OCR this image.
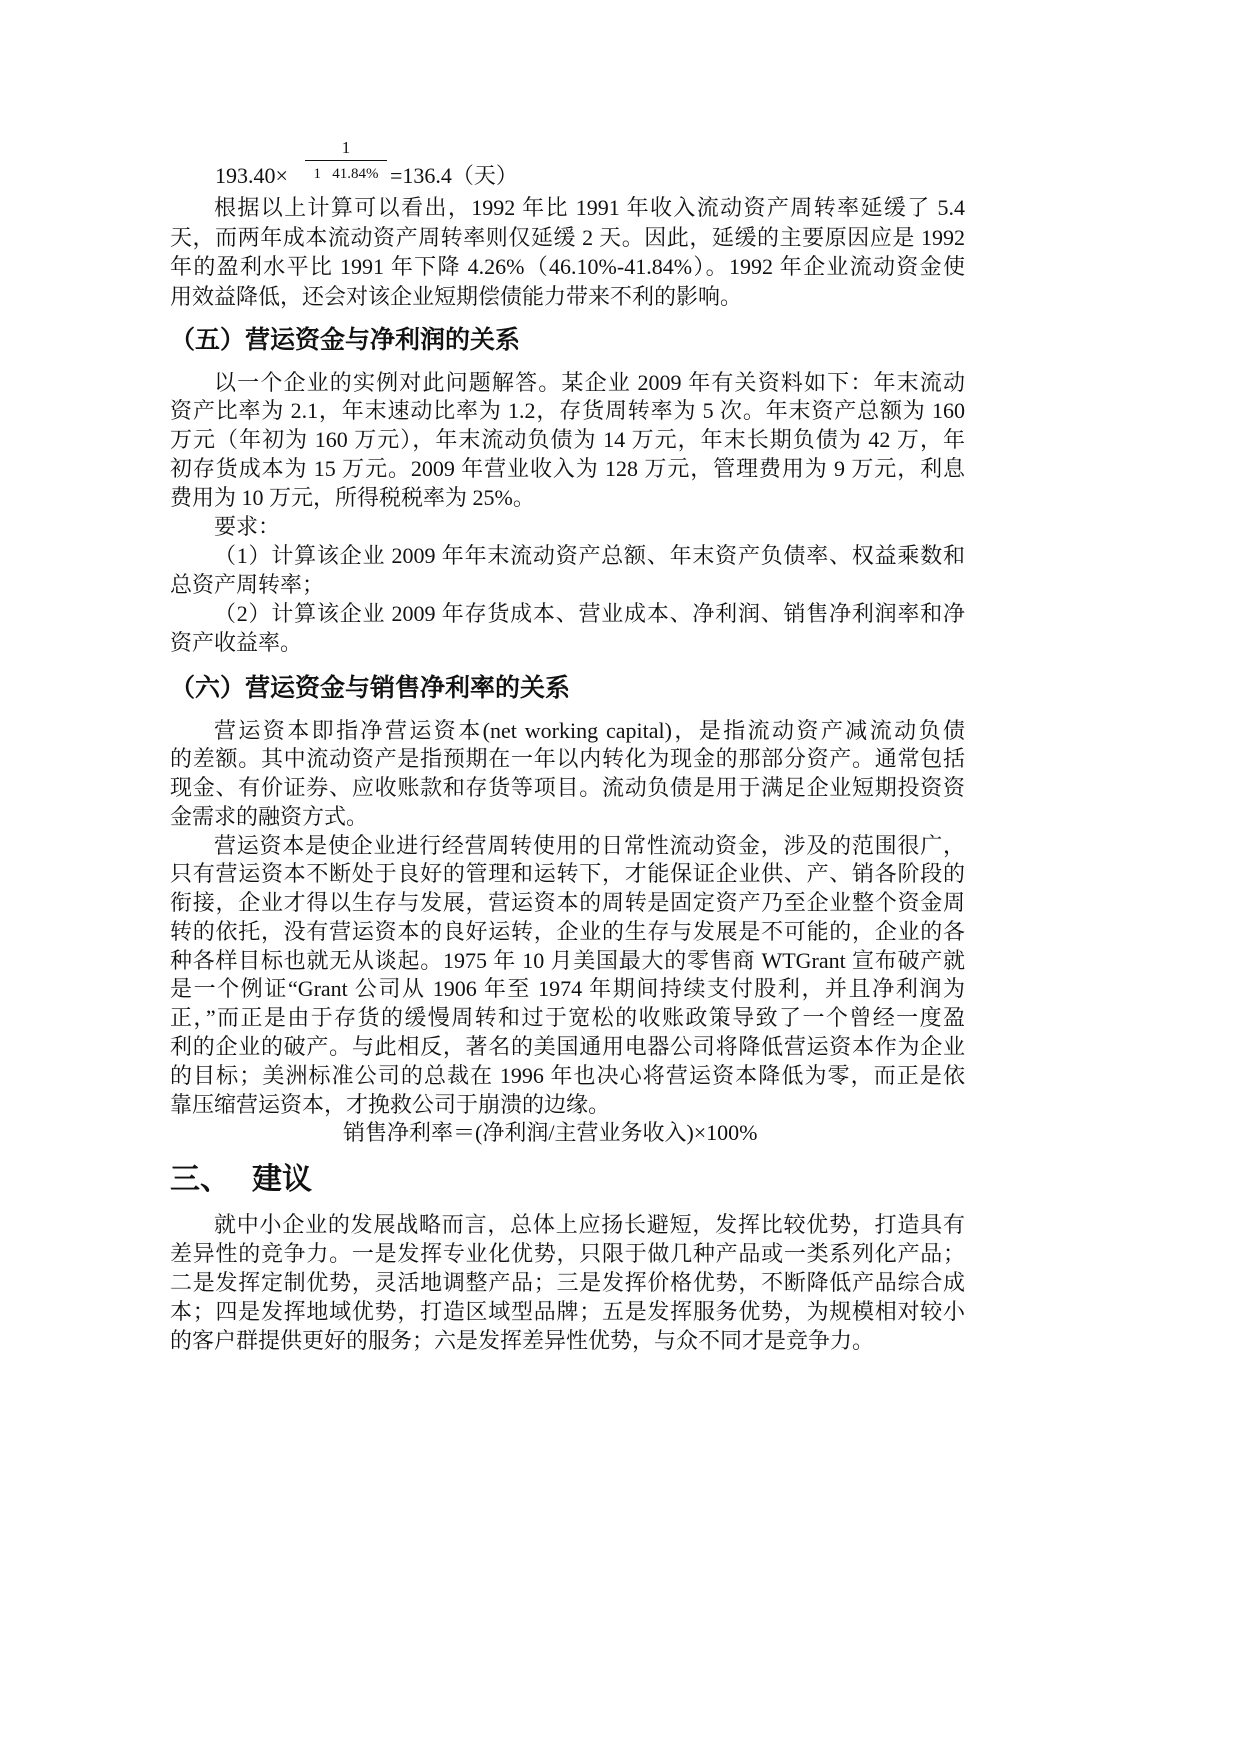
193.40×
1
1   41.84% =136.4（天）
根据以上计算可以看出，1992 年比 1991 年收入流动资产周转率延缓了 5.4
天，而两年成本流动资产周转率则仅延缓 2 天。因此，延缓的主要原因应是 1992
年的盈利水平比 1991 年下降 4.26%（46.10%-41.84%）。1992 年企业流动资金使
用效益降低，还会对该企业短期偿债能力带来不利的影响。
（五）营运资金与净利润的关系
以一个企业的实例对此问题解答。某企业 2009 年有关资料如下：年末流动
资产比率为 2.1，年末速动比率为 1.2，存货周转率为 5 次。年末资产总额为 160
万元（年初为 160 万元），年末流动负债为 14 万元，年末长期负债为 42 万，年
初存货成本为 15 万元。2009 年营业收入为 128 万元，管理费用为 9 万元，利息
费用为 10 万元，所得税税率为 25%。
要求：
（1）计算该企业 2009 年年末流动资产总额、年末资产负债率、权益乘数和
总资产周转率；
（2）计算该企业 2009 年存货成本、营业成本、净利润、销售净利润率和净
资产收益率。
（六）营运资金与销售净利率的关系
营运资本即指净营运资本(net working capital)，是指流动资产减流动负债
的差额。其中流动资产是指预期在一年以内转化为现金的那部分资产。通常包括
现金、有价证券、应收账款和存货等项目。流动负债是用于满足企业短期投资资
金需求的融资方式。
营运资本是使企业进行经营周转使用的日常性流动资金，涉及的范围很广，
只有营运资本不断处于良好的管理和运转下，才能保证企业供、产、销各阶段的
衔接，企业才得以生存与发展，营运资本的周转是固定资产乃至企业整个资金周
转的依托，没有营运资本的良好运转，企业的生存与发展是不可能的，企业的各
种各样目标也就无从谈起。1975 年 10 月美国最大的零售商 WTGrant 宣布破产就
是一个例证“Grant 公司从 1906 年至 1974 年期间持续支付股利，并且净利润为
正，”而正是由于存货的缓慢周转和过于宽松的收账政策导致了一个曾经一度盈
利的企业的破产。与此相反，著名的美国通用电器公司将降低营运资本作为企业
的目标；美洲标准公司的总裁在 1996 年也决心将营运资本降低为零，而正是依
靠压缩营运资本，才挽救公司于崩溃的边缘。
销售净利率＝(净利润/主营业务收入)×100%
三、 建议
就中小企业的发展战略而言，总体上应扬长避短，发挥比较优势，打造具有
差异性的竞争力。一是发挥专业化优势，只限于做几种产品或一类系列化产品；
二是发挥定制优势，灵活地调整产品；三是发挥价格优势，不断降低产品综合成
本；四是发挥地域优势，打造区域型品牌；五是发挥服务优势，为规模相对较小
的客户群提供更好的服务；六是发挥差异性优势，与众不同才是竞争力。
